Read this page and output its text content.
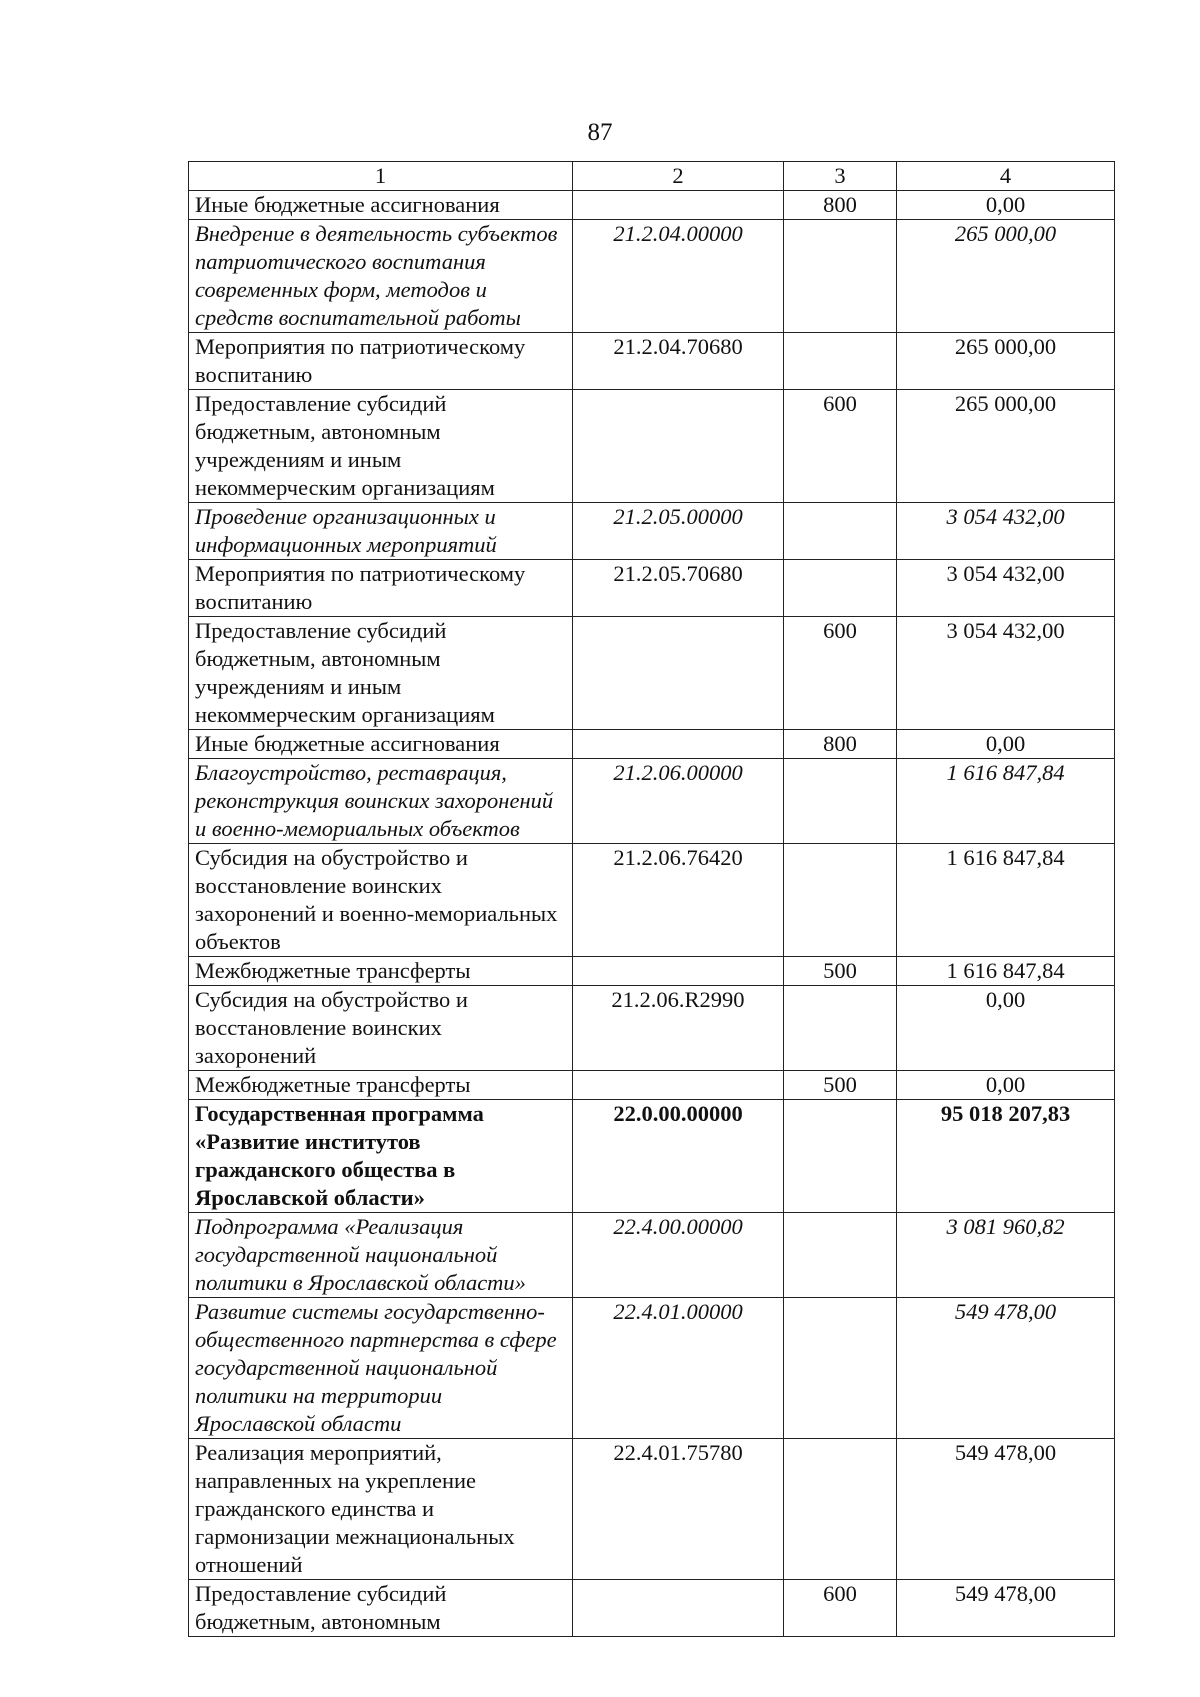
87
1	2	3	4
Иные бюджетные ассигнования		800	0,00
Внедрение в деятельность субъектов патриотического воспитания современных форм, методов и средств воспитательной работы	21.2.04.00000		265 000,00
Мероприятия по патриотическому воспитанию	21.2.04.70680		265 000,00
Предоставление субсидий бюджетным, автономным учреждениям и иным некоммерческим организациям		600	265 000,00
Проведение организационных и информационных мероприятий	21.2.05.00000		3 054 432,00
Мероприятия по патриотическому воспитанию	21.2.05.70680		3 054 432,00
Предоставление субсидий бюджетным, автономным учреждениям и иным некоммерческим организациям		600	3 054 432,00
Иные бюджетные ассигнования		800	0,00
Благоустройство, реставрация, реконструкция воинских захоронений и военно-мемориальных объектов	21.2.06.00000		1 616 847,84
Субсидия на обустройство и восстановление воинских захоронений и военно-мемориальных объектов	21.2.06.76420		1 616 847,84
Межбюджетные трансферты		500	1 616 847,84
Субсидия на обустройство и восстановление воинских захоронений	21.2.06.R2990		0,00
Межбюджетные трансферты		500	0,00
Государственная программа «Развитие институтов гражданского общества в Ярославской области»	22.0.00.00000		95 018 207,83
Подпрограмма «Реализация государственной национальной политики в Ярославской области»	22.4.00.00000		3 081 960,82
Развитие системы государственно-общественного партнерства в сфере государственной национальной политики на территории Ярославской области	22.4.01.00000		549 478,00
Реализация мероприятий, направленных на укрепление гражданского единства и гармонизации межнациональных отношений	22.4.01.75780		549 478,00
Предоставление субсидий бюджетным, автономным		600	549 478,00
